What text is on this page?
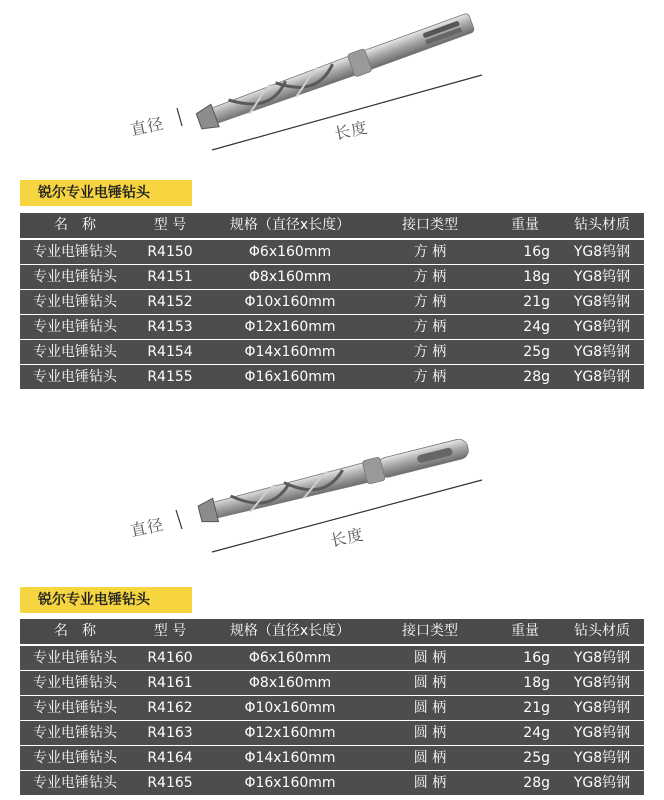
直径	长度
锐尔专业电锤钻头
名　称	型 号	规格（直径x长度）	接口类型	重量	钻头材质
专业电锤钻头	R4150	Φ6x160mm	方 柄	16g	YG8钨钢
专业电锤钻头	R4151	Φ8x160mm	方 柄	18g	YG8钨钢
专业电锤钻头	R4152	Φ10x160mm	方 柄	21g	YG8钨钢
专业电锤钻头	R4153	Φ12x160mm	方 柄	24g	YG8钨钢
专业电锤钻头	R4154	Φ14x160mm	方 柄	25g	YG8钨钢
专业电锤钻头	R4155	Φ16x160mm	方 柄	28g	YG8钨钢
直径	长度
锐尔专业电锤钻头
名　称	型 号	规格（直径x长度）	接口类型	重量	钻头材质
专业电锤钻头	R4160	Φ6x160mm	圆 柄	16g	YG8钨钢
专业电锤钻头	R4161	Φ8x160mm	圆 柄	18g	YG8钨钢
专业电锤钻头	R4162	Φ10x160mm	圆 柄	21g	YG8钨钢
专业电锤钻头	R4163	Φ12x160mm	圆 柄	24g	YG8钨钢
专业电锤钻头	R4164	Φ14x160mm	圆 柄	25g	YG8钨钢
专业电锤钻头	R4165	Φ16x160mm	圆 柄	28g	YG8钨钢
